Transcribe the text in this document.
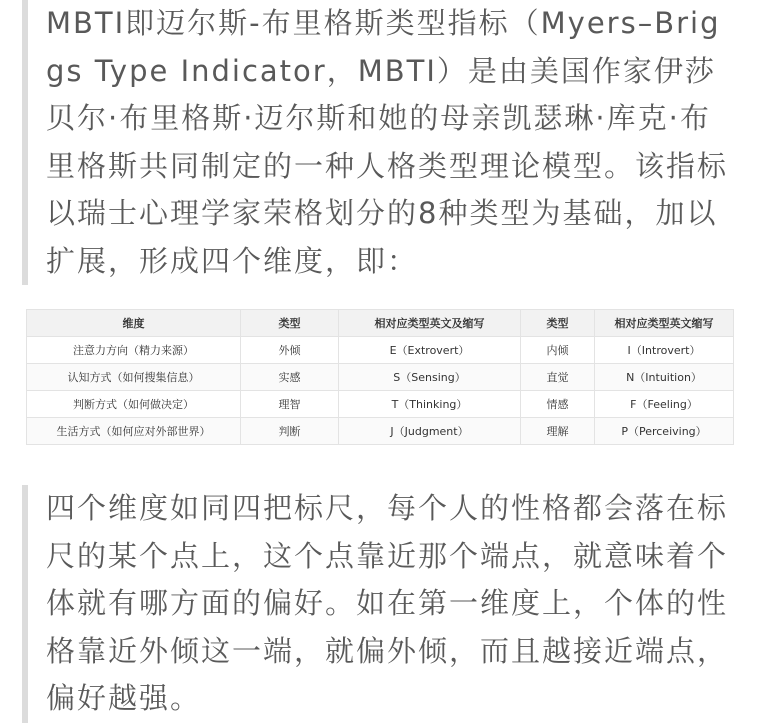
MBTI即迈尔斯-布里格斯类型指标（Myers–Briggs Type Indicator，MBTI）是由美国作家伊莎贝尔·布里格斯·迈尔斯和她的母亲凯瑟琳·库克·布里格斯共同制定的一种人格类型理论模型。该指标以瑞士心理学家荣格划分的8种类型为基础，加以扩展，形成四个维度，即：

维度	类型	相对应类型英文及缩写	类型	相对应类型英文缩写
注意力方向（精力来源）	外倾	E（Extrovert）	内倾	I（Introvert）
认知方式（如何搜集信息）	实感	S（Sensing）	直觉	N（Intuition）
判断方式（如何做决定）	理智	T（Thinking）	情感	F（Feeling）
生活方式（如何应对外部世界）	判断	J（Judgment）	理解	P（Perceiving）

四个维度如同四把标尺，每个人的性格都会落在标尺的某个点上，这个点靠近那个端点，就意味着个体就有哪方面的偏好。如在第一维度上，个体的性格靠近外倾这一端，就偏外倾，而且越接近端点，偏好越强。
